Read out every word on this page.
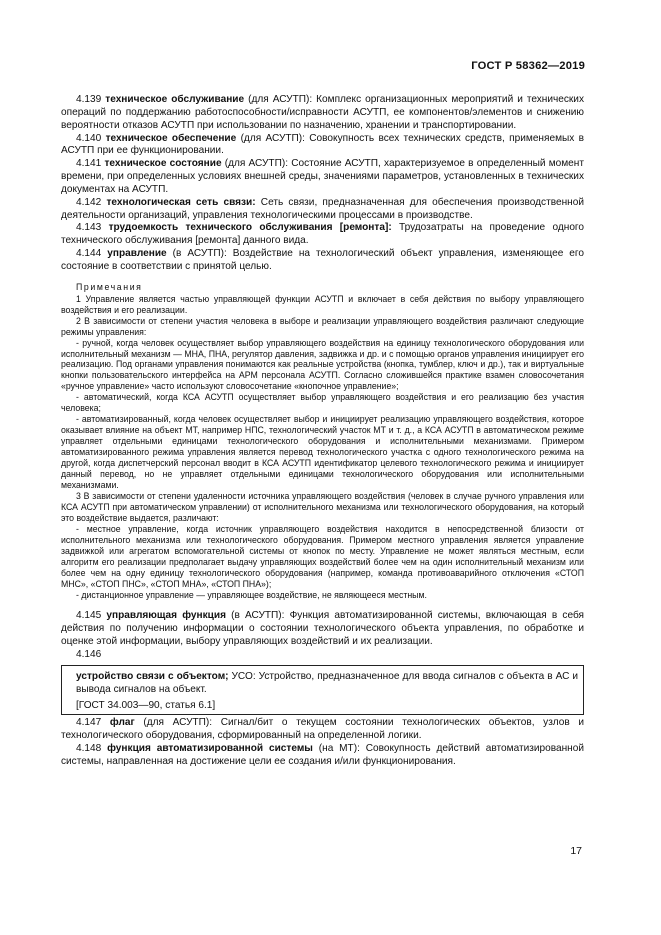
ГОСТ Р 58362—2019

4.139 техническое обслуживание (для АСУТП): Комплекс организационных мероприятий и технических операций по поддержанию работоспособности/исправности АСУТП, ее компонентов/элементов и снижению вероятности отказов АСУТП при использовании по назначению, хранении и транспортировании.

4.140 техническое обеспечение (для АСУТП): Совокупность всех технических средств, применяемых в АСУТП при ее функционировании.

4.141 техническое состояние (для АСУТП): Состояние АСУТП, характеризуемое в определенный момент времени, при определенных условиях внешней среды, значениями параметров, установленных в технических документах на АСУТП.

4.142 технологическая сеть связи: Сеть связи, предназначенная для обеспечения производственной деятельности организаций, управления технологическими процессами в производстве.

4.143 трудоемкость технического обслуживания [ремонта]: Трудозатраты на проведение одного технического обслуживания [ремонта] данного вида.

4.144 управление (в АСУТП): Воздействие на технологический объект управления, изменяющее его состояние в соответствии с принятой целью.

Примечания

1 Управление является частью управляющей функции АСУТП и включает в себя действия по выбору управляющего воздействия и его реализации.

2 В зависимости от степени участия человека в выборе и реализации управляющего воздействия различают следующие режимы управления:

- ручной, когда человек осуществляет выбор управляющего воздействия на единицу технологического оборудования или исполнительный механизм — МНА, ПНА, регулятор давления, задвижка и др. и с помощью органов управления инициирует его реализацию. Под органами управления понимаются как реальные устройства (кнопка, тумблер, ключ и др.), так и виртуальные кнопки пользовательского интерфейса на АРМ персонала АСУТП. Согласно сложившейся практике взамен словосочетания «ручное управление» часто используют словосочетание «кнопочное управление»;

- автоматический, когда КСА АСУТП осуществляет выбор управляющего воздействия и его реализацию без участия человека;

- автоматизированный, когда человек осуществляет выбор и инициирует реализацию управляющего воздействия, которое оказывает влияние на объект МТ, например НПС, технологический участок МТ и т. д., а КСА АСУТП в автоматическом режиме управляет отдельными единицами технологического оборудования и исполнительными механизмами. Примером автоматизированного режима управления является перевод технологического участка с одного технологического режима на другой, когда диспетчерский персонал вводит в КСА АСУТП идентификатор целевого технологического режима и инициирует данный перевод, но не управляет отдельными единицами технологического оборудования или исполнительными механизмами.

3 В зависимости от степени удаленности источника управляющего воздействия (человек в случае ручного управления или КСА АСУТП при автоматическом управлении) от исполнительного механизма или технологического оборудования, на который это воздействие выдается, различают:

- местное управление, когда источник управляющего воздействия находится в непосредственной близости от исполнительного механизма или технологического оборудования. Примером местного управления является управление задвижкой или агрегатом вспомогательной системы от кнопок по месту. Управление не может являться местным, если алгоритм его реализации предполагает выдачу управляющих воздействий более чем на один исполнительный механизм или более чем на одну единицу технологического оборудования (например, команда противоаварийного отключения «СТОП МНС», «СТОП ПНС», «СТОП МНА», «СТОП ПНА»);

- дистанционное управление — управляющее воздействие, не являющееся местным.

4.145 управляющая функция (в АСУТП): Функция автоматизированной системы, включающая в себя действия по получению информации о состоянии технологического объекта управления, по обработке и оценке этой информации, выбору управляющих воздействий и их реализации.

4.146

устройство связи с объектом; УСО: Устройство, предназначенное для ввода сигналов с объекта в АС и вывода сигналов на объект.

[ГОСТ 34.003—90, статья 6.1]

4.147 флаг (для АСУТП): Сигнал/бит о текущем состоянии технологических объектов, узлов и технологического оборудования, сформированный на определенной логики.

4.148 функция автоматизированной системы (на МТ): Совокупность действий автоматизированной системы, направленная на достижение цели ее создания и/или функционирования.

17
